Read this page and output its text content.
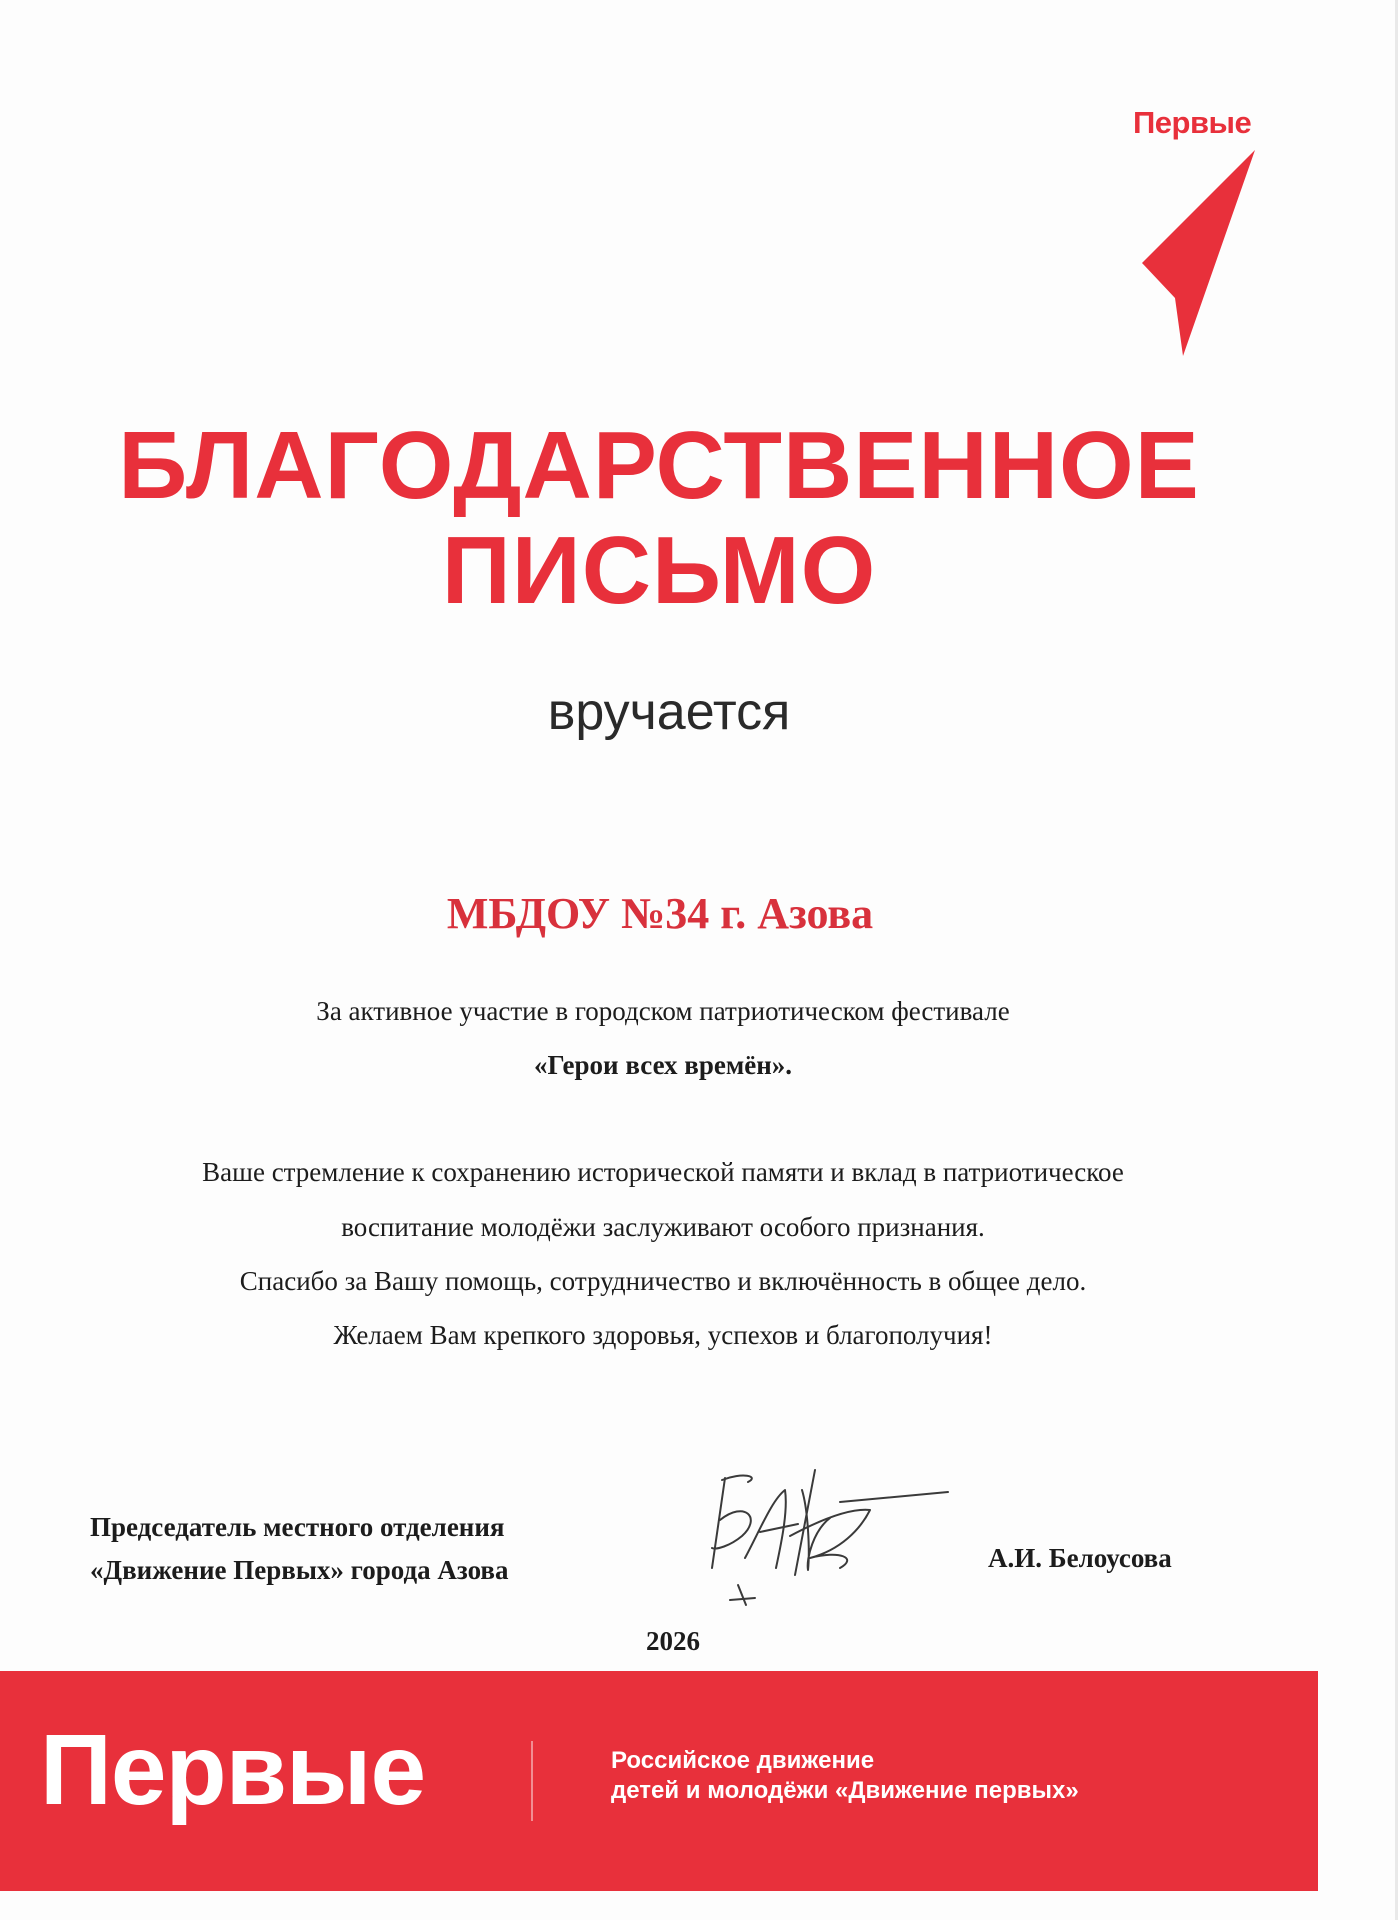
Первые
БЛАГОДАРСТВЕННОЕ
ПИСЬМО
вручается
МБДОУ №34 г. Азова
За активное участие в городском патриотическом фестивале
«Герои всех времён».
Ваше стремление к сохранению исторической памяти и вклад в патриотическое
воспитание молодёжи заслуживают особого признания.
Спасибо за Вашу помощь, сотрудничество и включённость в общее дело.
Желаем Вам крепкого здоровья, успехов и благополучия!
Председатель местного отделения
«Движение Первых» города Азова	А.И. Белоусова
2026
Первые	Российское движение
детей и молодёжи «Движение первых»
